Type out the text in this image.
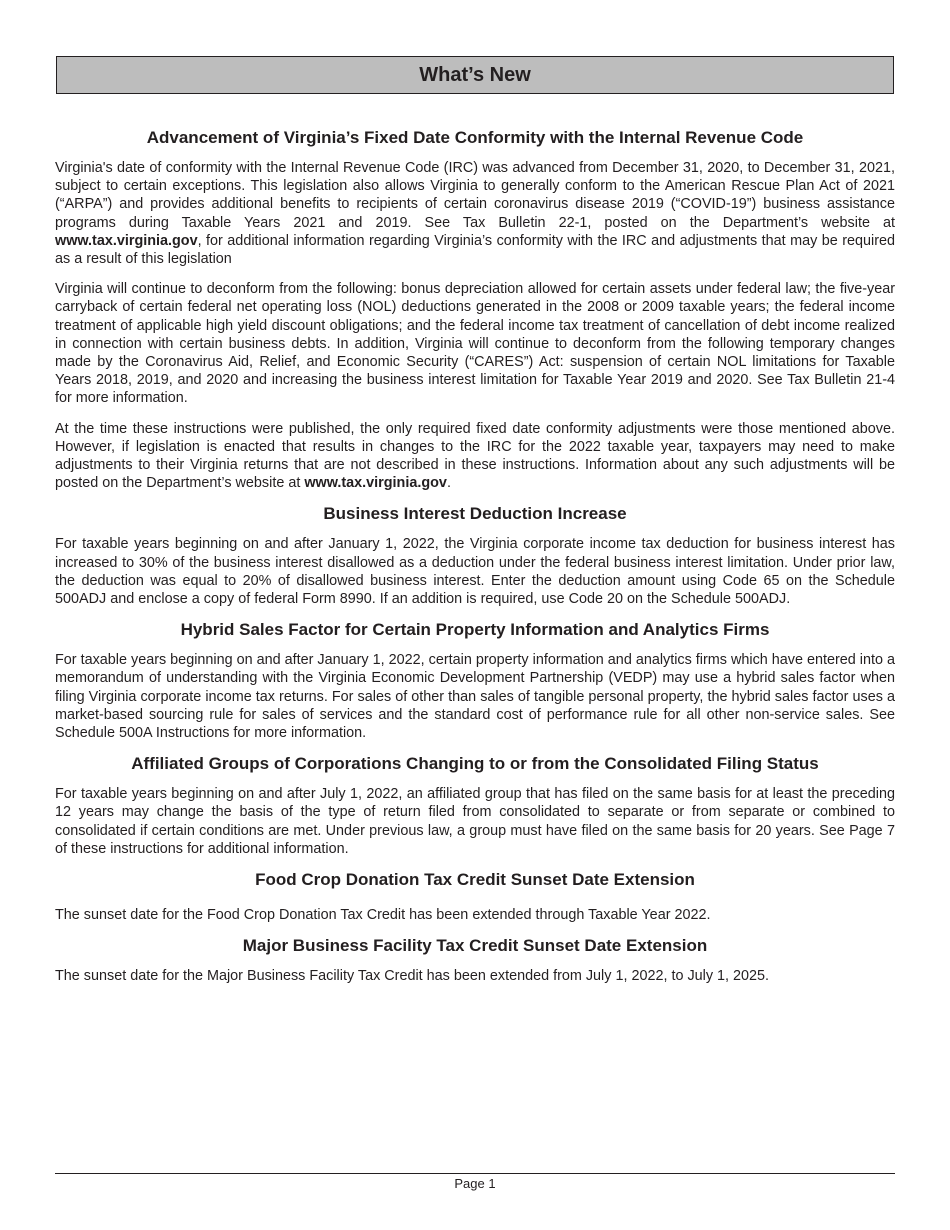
What’s New
Advancement of Virginia’s Fixed Date Conformity with the Internal Revenue Code

Virginia's date of conformity with the Internal Revenue Code (IRC) was advanced from December 31, 2020, to December 31, 2021, subject to certain exceptions. This legislation also allows Virginia to generally conform to the American Rescue Plan Act of 2021 (“ARPA”) and provides additional benefits to recipients of certain coronavirus disease 2019 (“COVID-19”) business assistance programs during Taxable Years 2021 and 2019. See Tax Bulletin 22-1, posted on the Department’s website at www.tax.virginia.gov, for additional information regarding Virginia’s conformity with the IRC and adjustments that may be required as a result of this legislation

Virginia will continue to deconform from the following: bonus depreciation allowed for certain assets under federal law; the five-year carryback of certain federal net operating loss (NOL) deductions generated in the 2008 or 2009 taxable years; the federal income treatment of applicable high yield discount obligations; and the federal income tax treatment of cancellation of debt income realized in connection with certain business debts. In addition, Virginia will continue to deconform from the following temporary changes made by the Coronavirus Aid, Relief, and Economic Security (“CARES”) Act: suspension of certain NOL limitations for Taxable Years 2018, 2019, and 2020 and increasing the business interest limitation for Taxable Year 2019 and 2020. See Tax Bulletin 21-4 for more information.

At the time these instructions were published, the only required fixed date conformity adjustments were those mentioned above. However, if legislation is enacted that results in changes to the IRC for the 2022 taxable year, taxpayers may need to make adjustments to their Virginia returns that are not described in these instructions. Information about any such adjustments will be posted on the Department’s website at www.tax.virginia.gov.

Business Interest Deduction Increase

For taxable years beginning on and after January 1, 2022, the Virginia corporate income tax deduction for business interest has increased to 30% of the business interest disallowed as a deduction under the federal business interest limitation. Under prior law, the deduction was equal to 20% of disallowed business interest. Enter the deduction amount using Code 65 on the Schedule 500ADJ and enclose a copy of federal Form 8990. If an addition is required, use Code 20 on the Schedule 500ADJ.

Hybrid Sales Factor for Certain Property Information and Analytics Firms

For taxable years beginning on and after January 1, 2022, certain property information and analytics firms which have entered into a memorandum of understanding with the Virginia Economic Development Partnership (VEDP) may use a hybrid sales factor when filing Virginia corporate income tax returns. For sales of other than sales of tangible personal property, the hybrid sales factor uses a market-based sourcing rule for sales of services and the standard cost of performance rule for all other non-service sales. See Schedule 500A Instructions for more information.

Affiliated Groups of Corporations Changing to or from the Consolidated Filing Status

For taxable years beginning on and after July 1, 2022, an affiliated group that has filed on the same basis for at least the preceding 12 years may change the basis of the type of return filed from consolidated to separate or from separate or combined to consolidated if certain conditions are met. Under previous law, a group must have filed on the same basis for 20 years. See Page 7 of these instructions for additional information.

Food Crop Donation Tax Credit Sunset Date Extension

The sunset date for the Food Crop Donation Tax Credit has been extended through Taxable Year 2022.

Major Business Facility Tax Credit Sunset Date Extension

The sunset date for the Major Business Facility Tax Credit has been extended from July 1, 2022, to July 1, 2025.

Page 1
